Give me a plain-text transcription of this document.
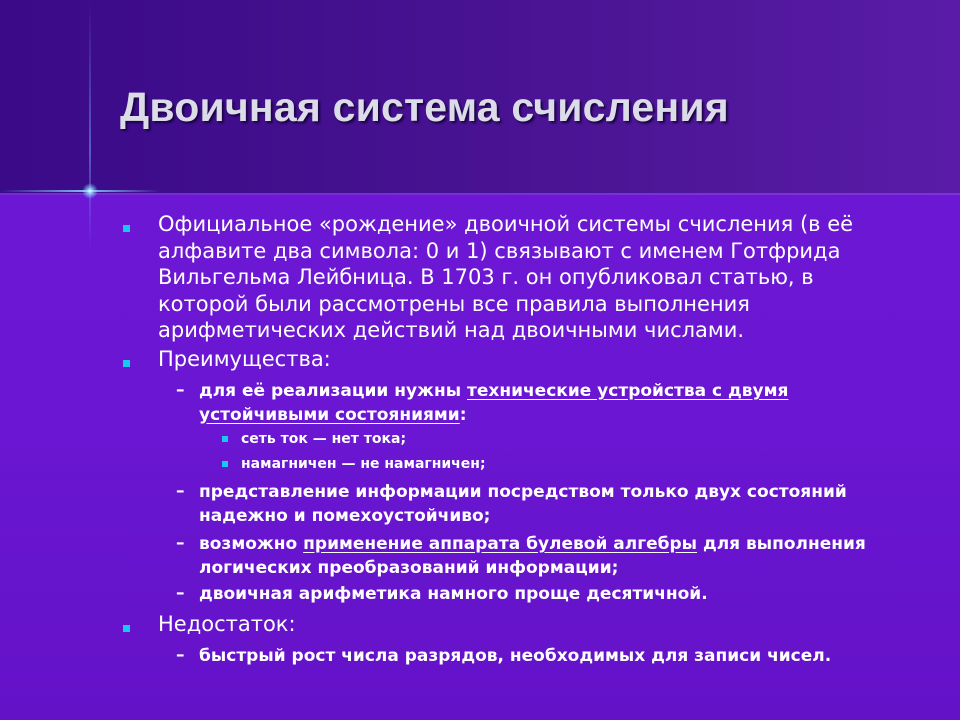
Двоичная система счисления
Официальное «рождение» двоичной системы счисления (в её
алфавите два символа: 0 и 1) связывают с именем Готфрида
Вильгельма Лейбница. В 1703 г. он опубликовал статью, в
которой были рассмотрены все правила выполнения
арифметических действий над двоичными числами.
Преимущества:
– для её реализации нужны технические устройства с двумя
устойчивыми состояниями:
сеть ток — нет тока;
намагничен — не намагничен;
– представление информации посредством только двух состояний
надежно и помехоустойчиво;
– возможно применение аппарата булевой алгебры для выполнения
логических преобразований информации;
– двоичная арифметика намного проще десятичной.
Недостаток:
– быстрый рост числа разрядов, необходимых для записи чисел.
